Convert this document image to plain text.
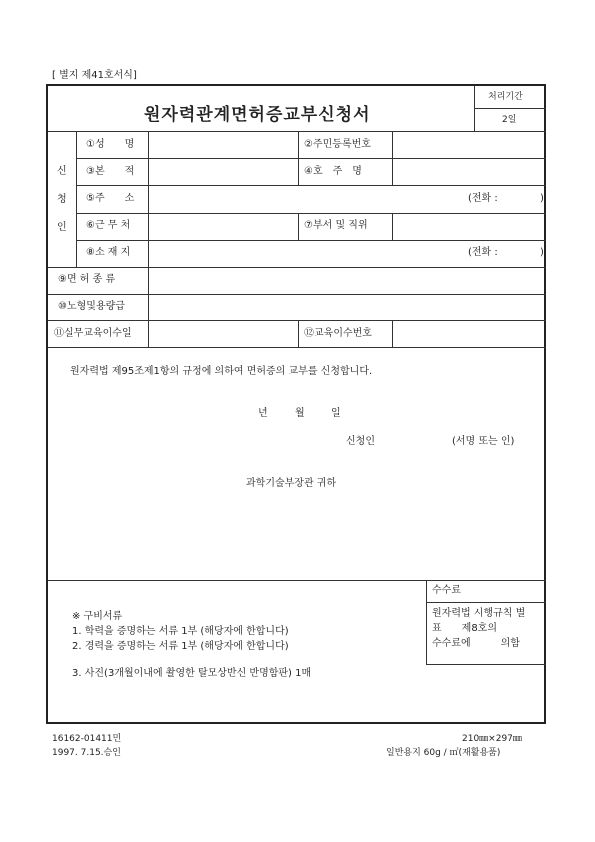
[ 별지 제41호서식]
원자력관계면허증교부신청서
처리기간
2일
신
청
인
①성　　명	②주민등록번호
③본　　적	④호　주　명
⑤주　　소	(전화 :	)
⑥근 무 처	⑦부서 및 직위
⑧소 재 지	(전화 :	)
⑨면 허 종 류
⑩노형및용량급
⑪실무교육이수일	⑫교육이수번호
원자력법 제95조제1항의 규정에 의하여 면허증의 교부를 신청합니다.
년	월	일
신청인	(서명 또는 인)
과학기술부장관 귀하
수수료
원자력법 시행규칙 별
표　　제8호의
수수료에　　　의함
※ 구비서류
1. 학력을 증명하는 서류 1부 (해당자에 한합니다)
2. 경력을 증명하는 서류 1부 (해당자에 한합니다)
3. 사진(3개월이내에 촬영한 탈모상반신 반명함판) 1매
16162-01411민
1997. 7.15.승인
210㎜×297㎜
일반용지 60g / ㎡(재활용품)
